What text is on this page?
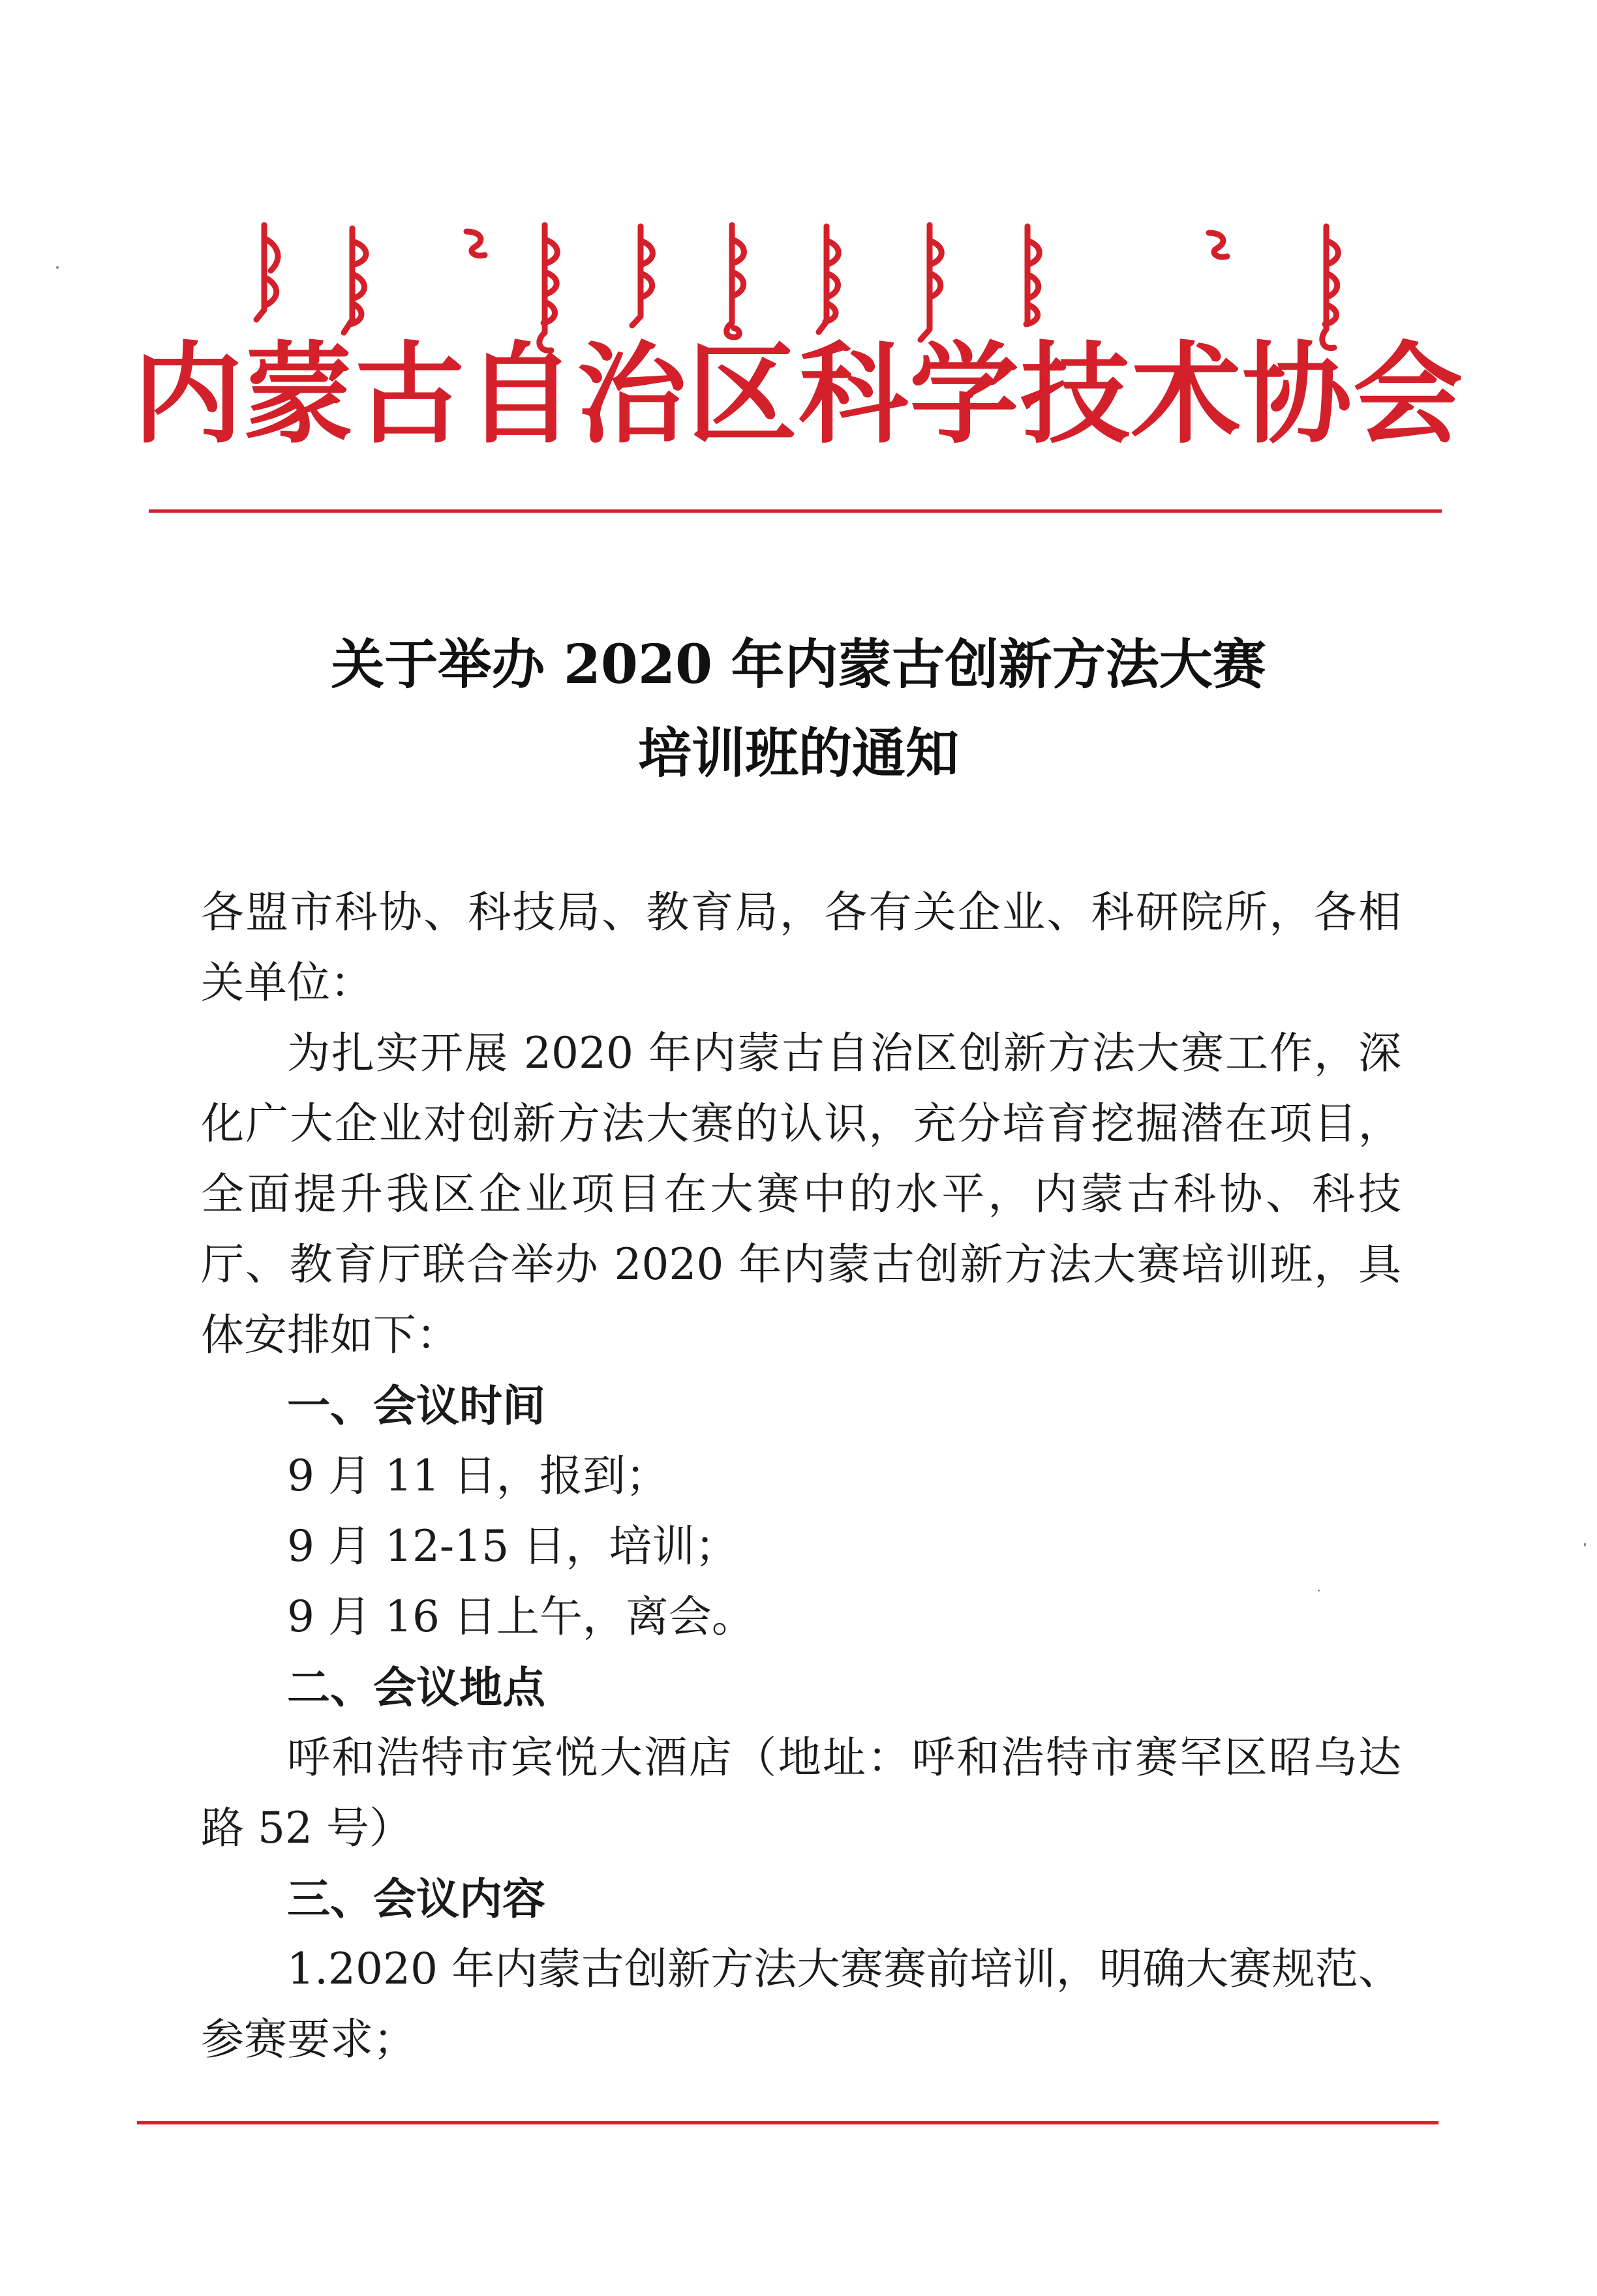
内蒙古自治区科学技术协会
关于举办 2020 年内蒙古创新方法大赛
培训班的通知

各盟市科协、科技局、教育局，各有关企业、科研院所，各相关单位：

为扎实开展 2020 年内蒙古自治区创新方法大赛工作，深化广大企业对创新方法大赛的认识，充分培育挖掘潜在项目，全面提升我区企业项目在大赛中的水平，内蒙古科协、科技厅、教育厅联合举办 2020 年内蒙古创新方法大赛培训班，具体安排如下：

一、会议时间

9 月 11 日，报到；

9 月 12-15 日，培训；

9 月 16 日上午，离会。

二、会议地点

呼和浩特市宾悦大酒店（地址：呼和浩特市赛罕区昭乌达路 52 号）

三、会议内容

1.2020 年内蒙古创新方法大赛赛前培训，明确大赛规范、参赛要求；
